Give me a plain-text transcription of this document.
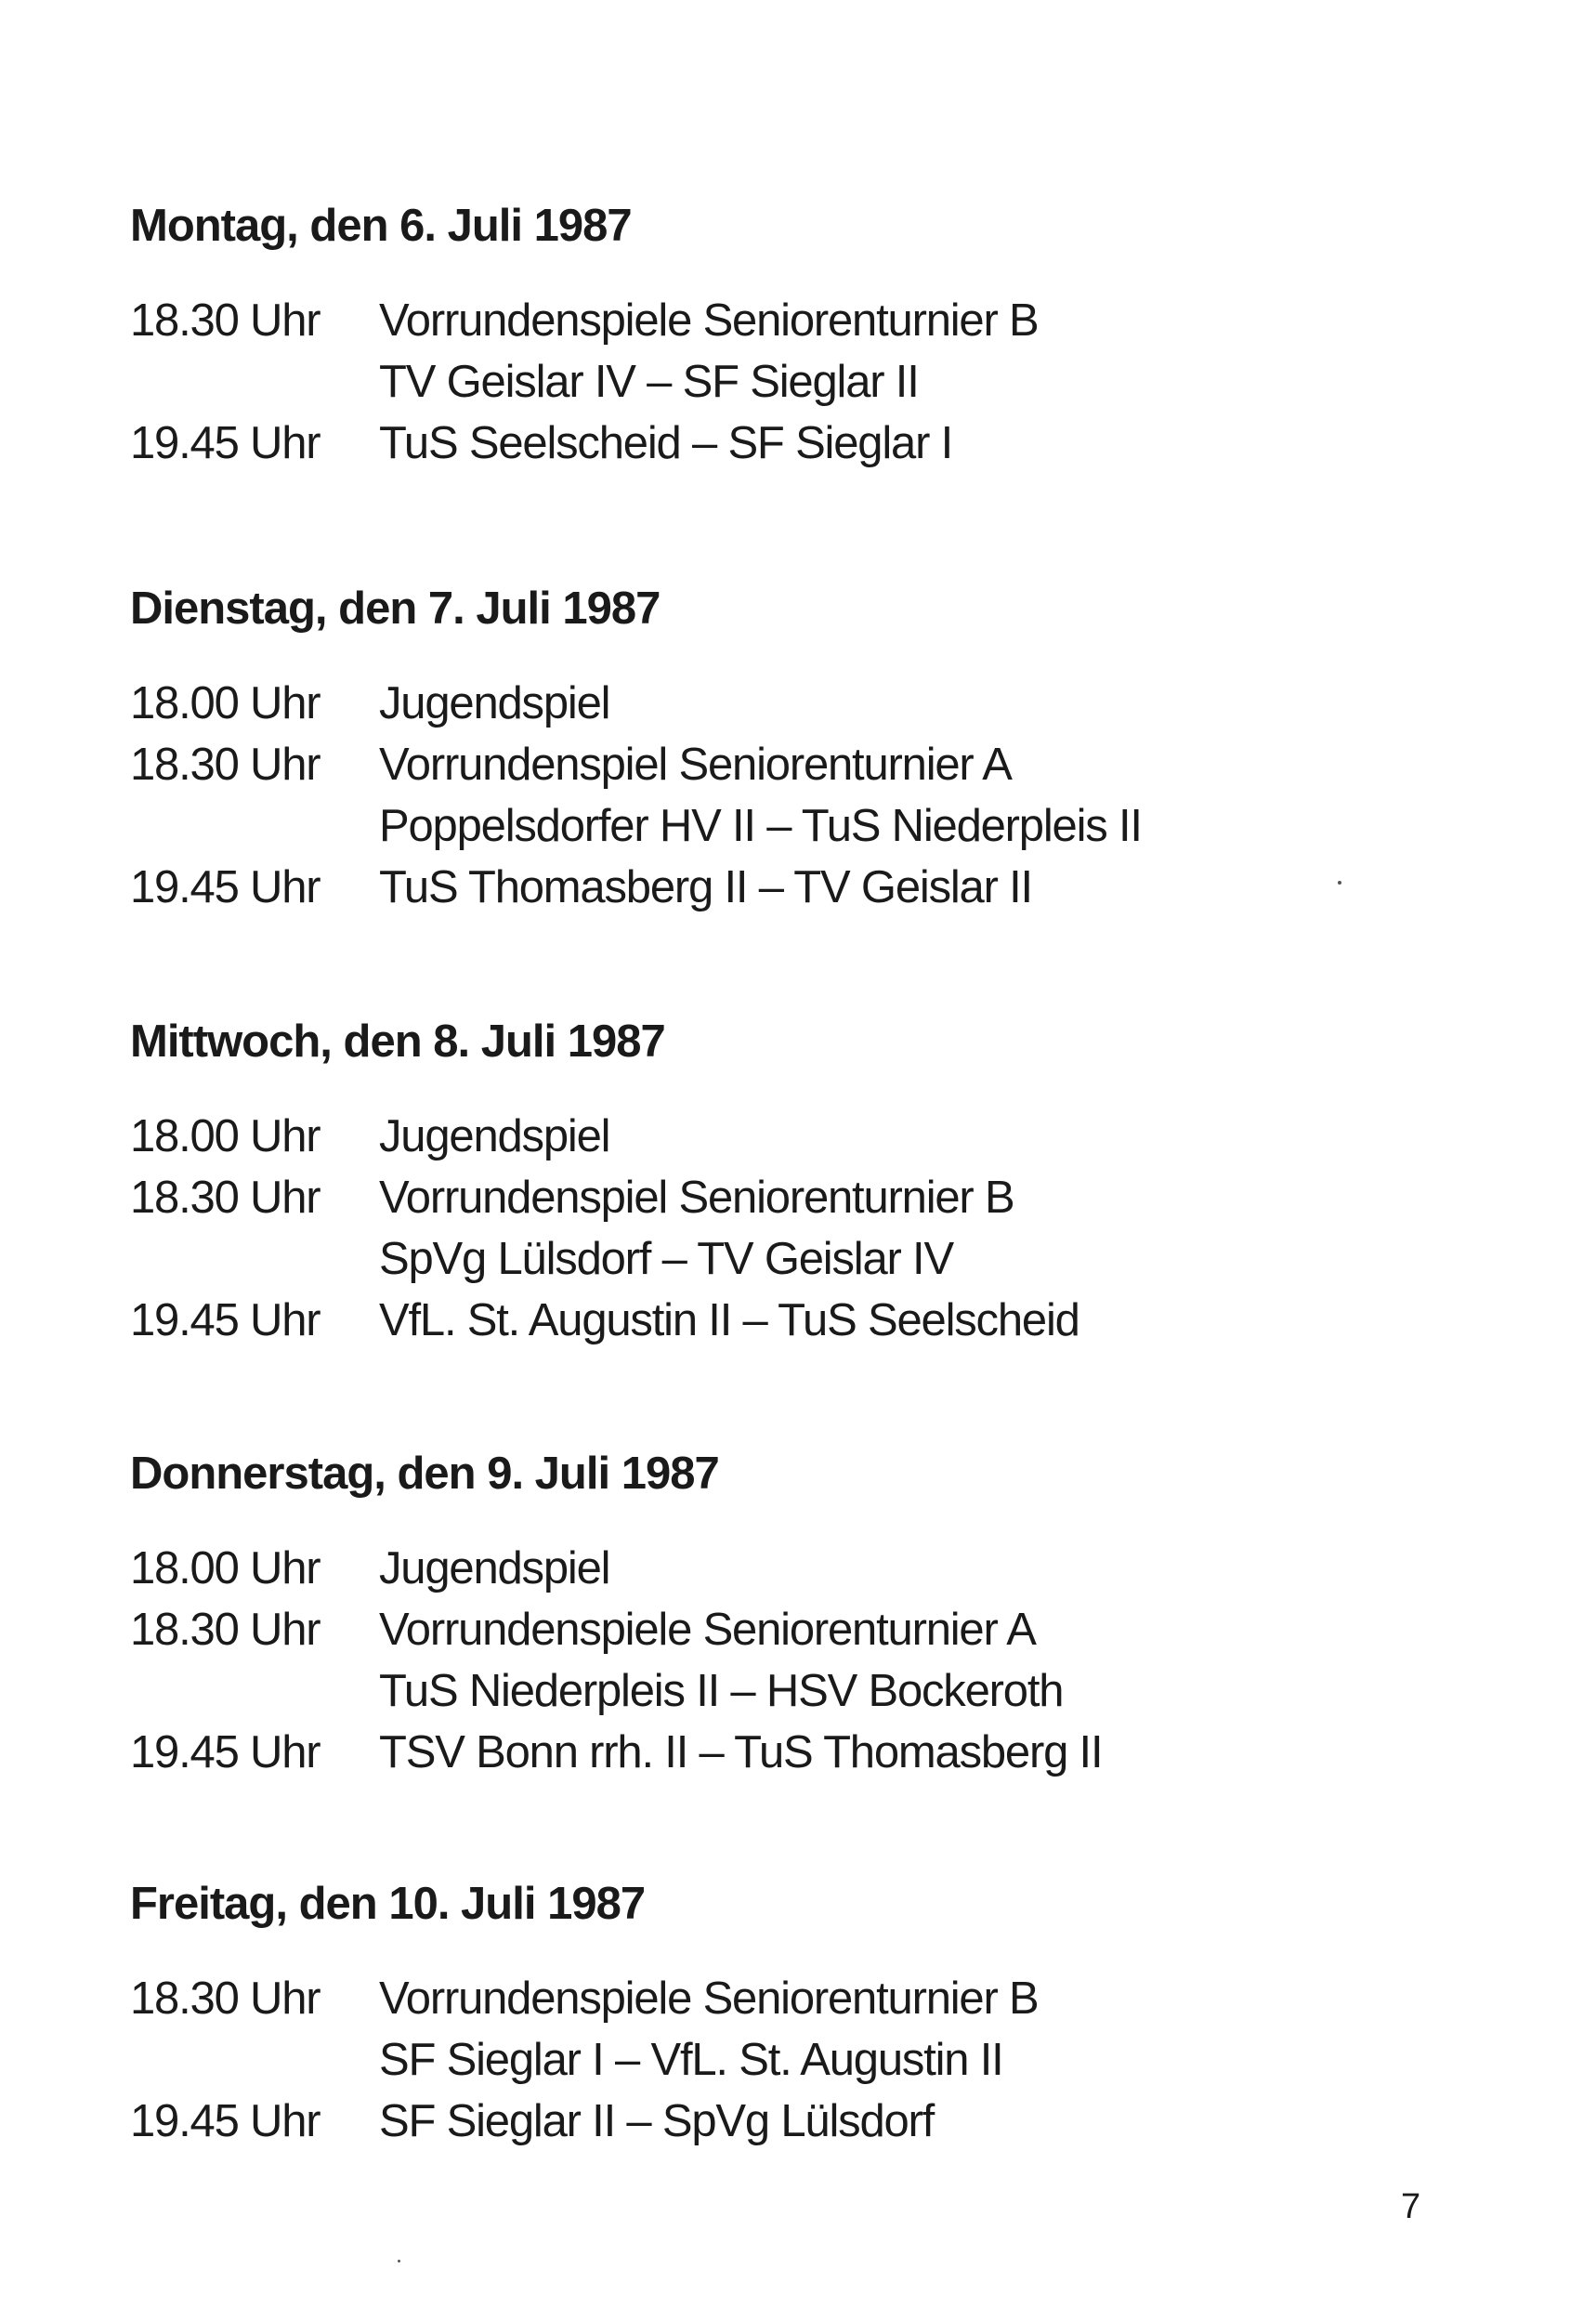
Montag, den 6. Juli 1987
18.30 Uhr Vorrundenspiele Seniorenturnier B
TV Geislar IV – SF Sieglar II
19.45 Uhr TuS Seelscheid – SF Sieglar I
Dienstag, den 7. Juli 1987
18.00 Uhr Jugendspiel
18.30 Uhr Vorrundenspiel Seniorenturnier A
Poppelsdorfer HV II – TuS Niederpleis II
19.45 Uhr TuS Thomasberg II – TV Geislar II
Mittwoch, den 8. Juli 1987
18.00 Uhr Jugendspiel
18.30 Uhr Vorrundenspiel Seniorenturnier B
SpVg Lülsdorf – TV Geislar IV
19.45 Uhr VfL. St. Augustin II – TuS Seelscheid
Donnerstag, den 9. Juli 1987
18.00 Uhr Jugendspiel
18.30 Uhr Vorrundenspiele Seniorenturnier A
TuS Niederpleis II – HSV Bockeroth
19.45 Uhr TSV Bonn rrh. II – TuS Thomasberg II
Freitag, den 10. Juli 1987
18.30 Uhr Vorrundenspiele Seniorenturnier B
SF Sieglar I – VfL. St. Augustin II
19.45 Uhr SF Sieglar II – SpVg Lülsdorf
7
